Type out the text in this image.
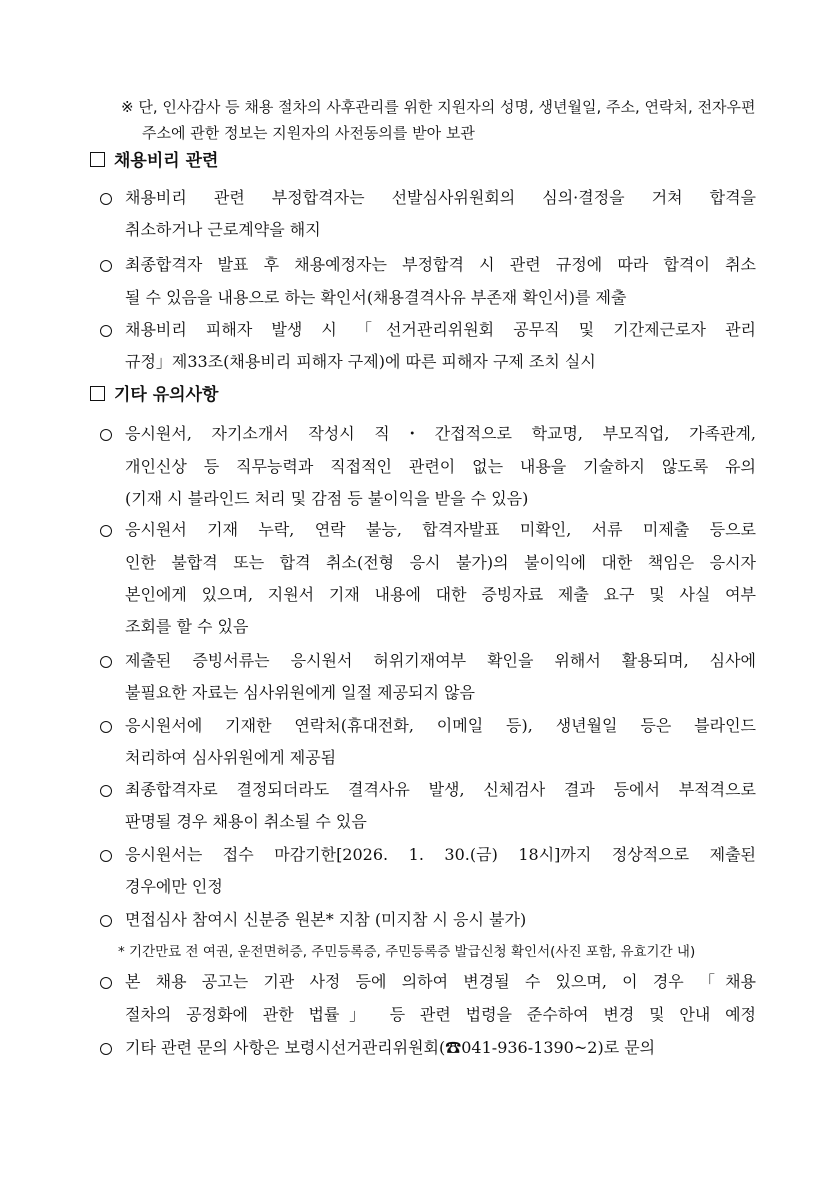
※ 단, 인사감사 등 채용 절차의 사후관리를 위한 지원자의 성명, 생년월일, 주소, 연락처, 전자우편
주소에 관한 정보는 지원자의 사전동의를 받아 보관
채용비리 관련
채용비리 관련 부정합격자는 선발심사위원회의 심의·결정을 거쳐 합격을
취소하거나 근로계약을 해지
최종합격자 발표 후 채용예정자는 부정합격 시 관련 규정에 따라 합격이 취소
될 수 있음을 내용으로 하는 확인서(채용결격사유 부존재 확인서)를 제출
채용비리 피해자 발생 시 「선거관리위원회 공무직 및 기간제근로자 관리
규정」제33조(채용비리 피해자 구제)에 따른 피해자 구제 조치 실시
기타 유의사항
응시원서, 자기소개서 작성시 직・간접적으로 학교명, 부모직업, 가족관계,
개인신상 등 직무능력과 직접적인 관련이 없는 내용을 기술하지 않도록 유의
(기재 시 블라인드 처리 및 감점 등 불이익을 받을 수 있음)
응시원서 기재 누락, 연락 불능, 합격자발표 미확인, 서류 미제출 등으로
인한 불합격 또는 합격 취소(전형 응시 불가)의 불이익에 대한 책임은 응시자
본인에게 있으며, 지원서 기재 내용에 대한 증빙자료 제출 요구 및 사실 여부
조회를 할 수 있음
제출된 증빙서류는 응시원서 허위기재여부 확인을 위해서 활용되며, 심사에
불필요한 자료는 심사위원에게 일절 제공되지 않음
응시원서에 기재한 연락처(휴대전화, 이메일 등), 생년월일 등은 블라인드
처리하여 심사위원에게 제공됨
최종합격자로 결정되더라도 결격사유 발생, 신체검사 결과 등에서 부적격으로
판명될 경우 채용이 취소될 수 있음
응시원서는 접수 마감기한[2026. 1. 30.(금) 18시]까지 정상적으로 제출된
경우에만 인정
면접심사 참여시 신분증 원본* 지참 (미지참 시 응시 불가)
* 기간만료 전 여권, 운전면허증, 주민등록증, 주민등록증 발급신청 확인서(사진 포함, 유효기간 내)
본 채용 공고는 기관 사정 등에 의하여 변경될 수 있으며, 이 경우 「채용
절차의 공정화에 관한 법률」 등 관련 법령을 준수하여 변경 및 안내 예정
기타 관련 문의 사항은 보령시선거관리위원회(☎041-936-1390~2)로 문의
